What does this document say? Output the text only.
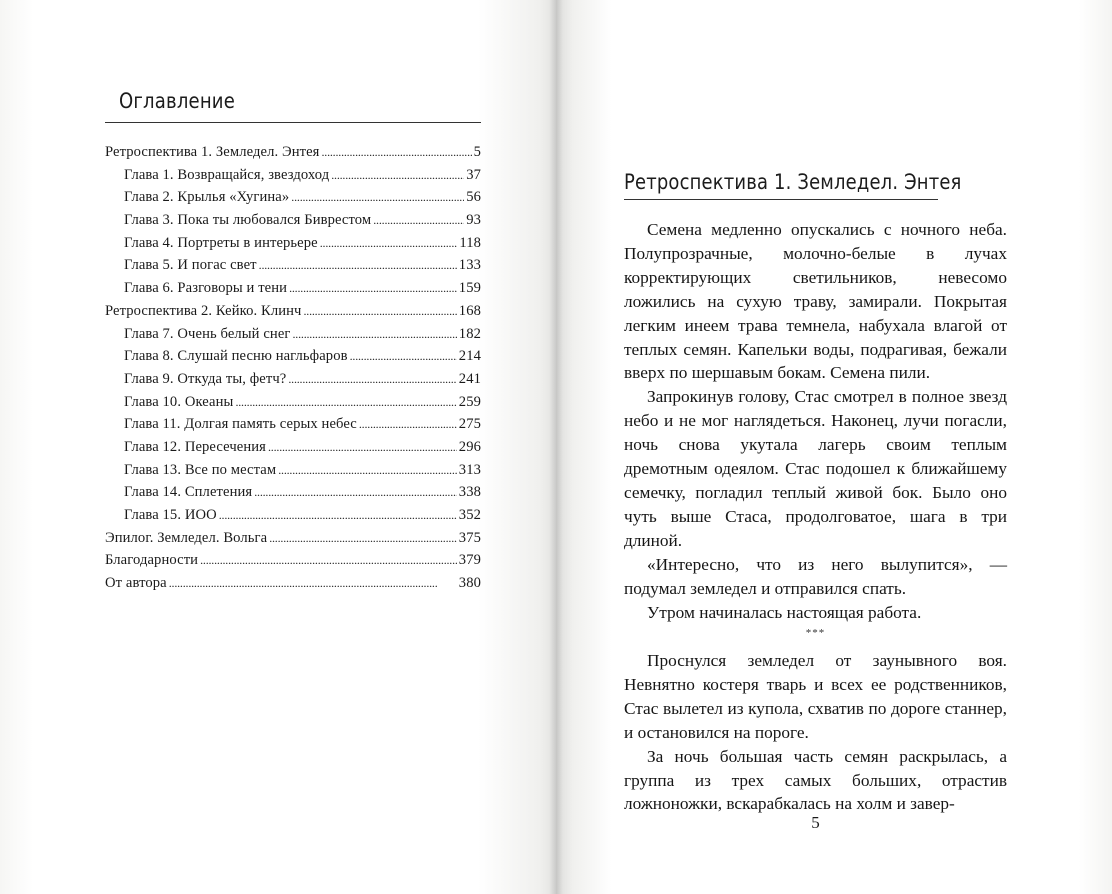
Оглавление
Ретроспектива 1. Земледел. Энтея . . .	5
Глава 1. Возвращайся, звездоход . . .	37
Глава 2. Крылья «Хугина» . . .	56
Глава 3. Пока ты любовался Биврестом . . .	93
Глава 4. Портреты в интерьере . . .	118
Глава 5. И погас свет . . .	133
Глава 6. Разговоры и тени . . .	159
Ретроспектива 2. Кейко. Клинч . . .	168
Глава 7. Очень белый снег . . .	182
Глава 8. Слушай песню нагльфаров . . .	214
Глава 9. Откуда ты, фетч? . . .	241
Глава 10. Океаны . . .	259
Глава 11. Долгая память серых небес . . .	275
Глава 12. Пересечения . . .	296
Глава 13. Все по местам . . .	313
Глава 14. Сплетения . . .	338
Глава 15. ИОО . . .	352
Эпилог. Земледел. Вольга . . .	375
Благодарности . . .	379
От автора . . .	380
Ретроспектива 1. Земледел. Энтея

Семена медленно опускались с ночного неба. Полупрозрачные, молочно-белые в лучах корректирующих светильников, невесомо ложились на сухую траву, замирали. Покрытая легким инеем трава темнела, набухала влагой от теплых семян. Капельки воды, подрагивая, бежали вверх по шершавым бокам. Семена пили.

Запрокинув голову, Стас смотрел в полное звезд небо и не мог наглядеться. Наконец, лучи погасли, ночь снова укутала лагерь своим теплым дремотным одеялом. Стас подошел к ближайшему семечку, погладил теплый живой бок. Было оно чуть выше Стаса, продолговатое, шага в три длиной.

«Интересно, что из него вылупится», — подумал земледел и отправился спать.

Утром начиналась настоящая работа.

***

Проснулся земледел от заунывного воя. Невнятно костеря тварь и всех ее родственников, Стас вылетел из купола, схватив по дороге станнер, и остановился на пороге.

За ночь большая часть семян раскрылась, а группа из трех самых больших, отрастив ложноножки, вскарабкалась на холм и завер-

5
